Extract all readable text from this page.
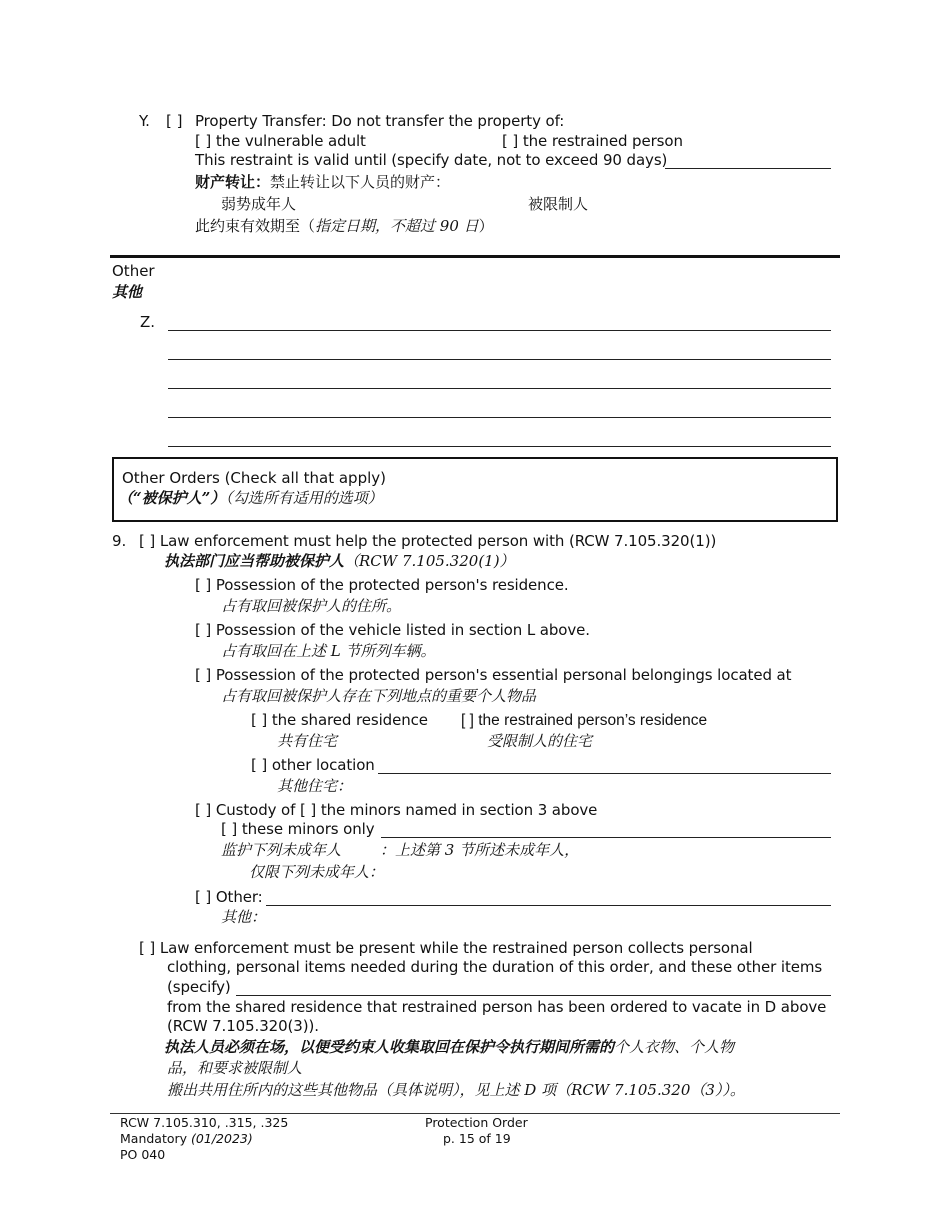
Y. [ ] Property Transfer: Do not transfer the property of:
[ ] the vulnerable adult	[ ] the restrained person
This restraint is valid until (specify date, not to exceed 90 days)
财产转让：禁止转让以下人员的财产：
弱势成年人	被限制人
此约束有效期至（指定日期，不超过 90 日）
Other
其他
Z.
Other Orders (Check all that apply)
（“被保护人”）（勾选所有适用的选项）
9. [ ] Law enforcement must help the protected person with (RCW 7.105.320(1))
执法部门应当帮助被保护人（RCW 7.105.320(1)）
[ ] Possession of the protected person's residence.
占有取回被保护人的住所。
[ ] Possession of the vehicle listed in section L above.
占有取回在上述 L 节所列车辆。
[ ] Possession of the protected person's essential personal belongings located at
占有取回被保护人存在下列地点的重要个人物品
[ ] the shared residence [ ] the restrained person’s residence
共有住宅	受限制人的住宅
[ ] other location
其他住宅：
[ ] Custody of [ ] the minors named in section 3 above
[ ] these minors only
监护下列未成年人	：上述第 3 节所述未成年人，
仅限下列未成年人：
[ ] Other:
其他：
[ ] Law enforcement must be present while the restrained person collects personal
clothing, personal items needed during the duration of this order, and these other items
(specify)
from the shared residence that restrained person has been ordered to vacate in D above
(RCW 7.105.320(3)).
执法人员必须在场，以便受约束人收集取回在保护令执行期间所需的个人衣物、个人物
品，和要求被限制人
搬出共用住所内的这些其他物品（具体说明），见上述 D 项（RCW 7.105.320（3））。
RCW 7.105.310, .315, .325
Mandatory (01/2023)
PO 040
Protection Order
p. 15 of 19
